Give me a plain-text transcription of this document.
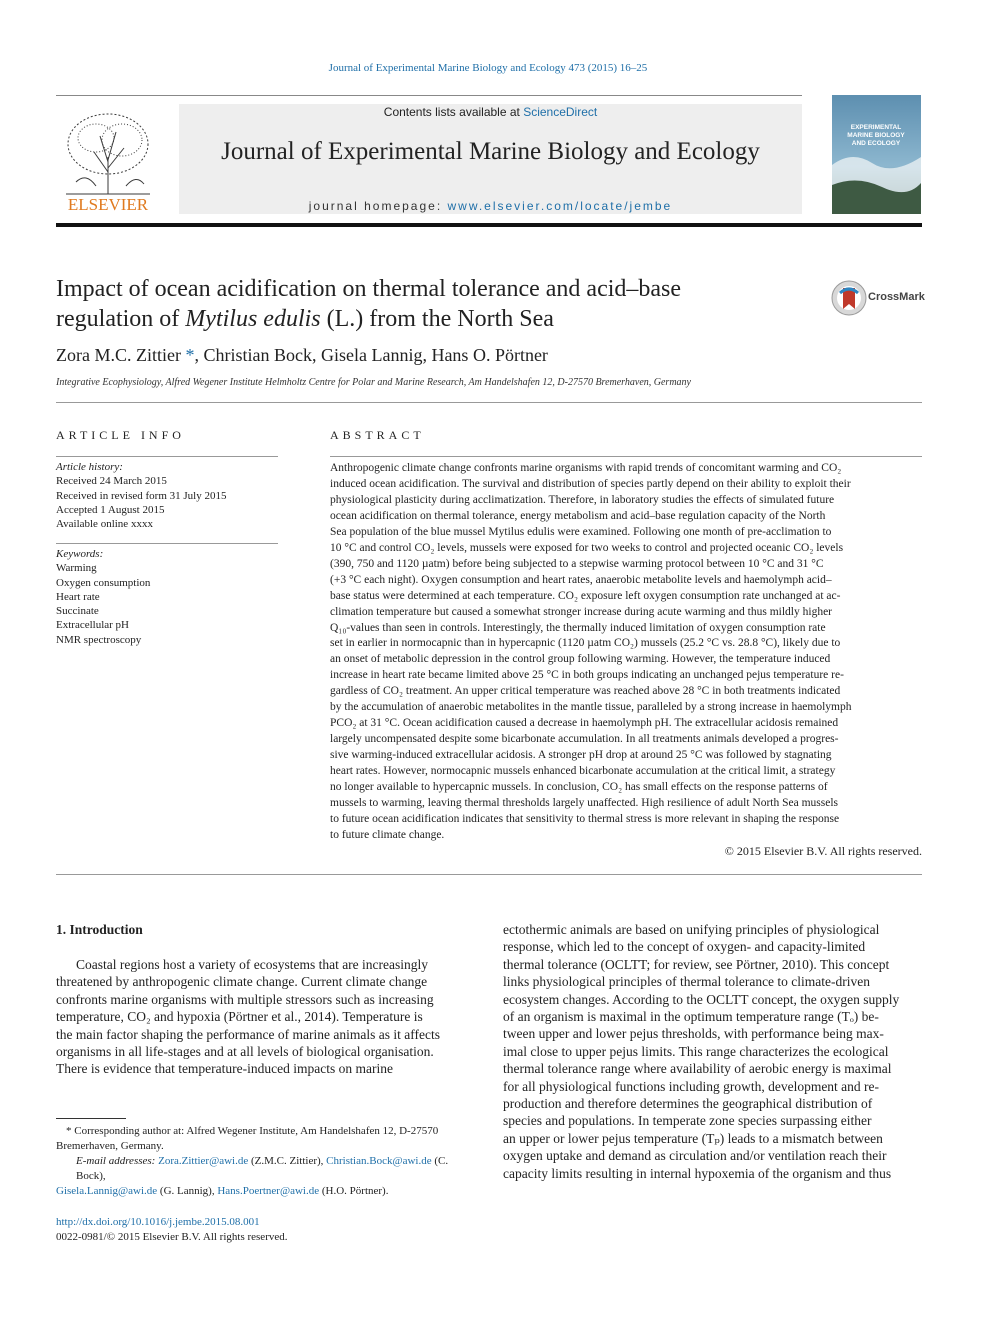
Journal of Experimental Marine Biology and Ecology 473 (2015) 16–25
ELSEVIER
Contents lists available at ScienceDirect
Journal of Experimental Marine Biology and Ecology
journal homepage: www.elsevier.com/locate/jembe
EXPERIMENTAL
MARINE BIOLOGY
AND ECOLOGY
Impact of ocean acidification on thermal tolerance and acid–base
regulation of Mytilus edulis (L.) from the North Sea
CrossMark
Zora M.C. Zittier *, Christian Bock, Gisela Lannig, Hans O. Pörtner
Integrative Ecophysiology, Alfred Wegener Institute Helmholtz Centre for Polar and Marine Research, Am Handelshafen 12, D-27570 Bremerhaven, Germany
ARTICLE INFO
Article history:
Received 24 March 2015
Received in revised form 31 July 2015
Accepted 1 August 2015
Available online xxxx
Keywords:
Warming
Oxygen consumption
Heart rate
Succinate
Extracellular pH
NMR spectroscopy
ABSTRACT
Anthropogenic climate change confronts marine organisms with rapid trends of concomitant warming and CO₂
induced ocean acidification. The survival and distribution of species partly depend on their ability to exploit their
physiological plasticity during acclimatization. Therefore, in laboratory studies the effects of simulated future
ocean acidification on thermal tolerance, energy metabolism and acid–base regulation capacity of the North
Sea population of the blue mussel Mytilus edulis were examined. Following one month of pre-acclimation to
10 °C and control CO₂ levels, mussels were exposed for two weeks to control and projected oceanic CO₂ levels
(390, 750 and 1120 µatm) before being subjected to a stepwise warming protocol between 10 °C and 31 °C
(+3 °C each night). Oxygen consumption and heart rates, anaerobic metabolite levels and haemolymph acid–
base status were determined at each temperature. CO₂ exposure left oxygen consumption rate unchanged at ac-
climation temperature but caused a somewhat stronger increase during acute warming and thus mildly higher
Q₁₀-values than seen in controls. Interestingly, the thermally induced limitation of oxygen consumption rate
set in earlier in normocapnic than in hypercapnic (1120 µatm CO₂) mussels (25.2 °C vs. 28.8 °C), likely due to
an onset of metabolic depression in the control group following warming. However, the temperature induced
increase in heart rate became limited above 25 °C in both groups indicating an unchanged pejus temperature re-
gardless of CO₂ treatment. An upper critical temperature was reached above 28 °C in both treatments indicated
by the accumulation of anaerobic metabolites in the mantle tissue, paralleled by a strong increase in haemolymph
PCO₂ at 31 °C. Ocean acidification caused a decrease in haemolymph pH. The extracellular acidosis remained
largely uncompensated despite some bicarbonate accumulation. In all treatments animals developed a progres-
sive warming-induced extracellular acidosis. A stronger pH drop at around 25 °C was followed by stagnating
heart rates. However, normocapnic mussels enhanced bicarbonate accumulation at the critical limit, a strategy
no longer available to hypercapnic mussels. In conclusion, CO₂ has small effects on the response patterns of
mussels to warming, leaving thermal thresholds largely unaffected. High resilience of adult North Sea mussels
to future ocean acidification indicates that sensitivity to thermal stress is more relevant in shaping the response
to future climate change.
© 2015 Elsevier B.V. All rights reserved.
1. Introduction
Coastal regions host a variety of ecosystems that are increasingly
threatened by anthropogenic climate change. Current climate change
confronts marine organisms with multiple stressors such as increasing
temperature, CO₂ and hypoxia (Pörtner et al., 2014). Temperature is
the main factor shaping the performance of marine animals as it affects
organisms in all life-stages and at all levels of biological organisation.
There is evidence that temperature-induced impacts on marine
ectothermic animals are based on unifying principles of physiological
response, which led to the concept of oxygen- and capacity-limited
thermal tolerance (OCLTT; for review, see Pörtner, 2010). This concept
links physiological principles of thermal tolerance to climate-driven
ecosystem changes. According to the OCLTT concept, the oxygen supply
of an organism is maximal in the optimum temperature range (Tₒ) be-
tween upper and lower pejus thresholds, with performance being max-
imal close to upper pejus limits. This range characterizes the ecological
thermal tolerance range where availability of aerobic energy is maximal
for all physiological functions including growth, development and re-
production and therefore determines the geographical distribution of
species and populations. In temperate zone species surpassing either
an upper or lower pejus temperature (Tₚ) leads to a mismatch between
oxygen uptake and demand as circulation and/or ventilation reach their
capacity limits resulting in internal hypoxemia of the organism and thus
* Corresponding author at: Alfred Wegener Institute, Am Handelshafen 12, D-27570
Bremerhaven, Germany.
E-mail addresses: Zora.Zittier@awi.de (Z.M.C. Zittier), Christian.Bock@awi.de (C. Bock),
Gisela.Lannig@awi.de (G. Lannig), Hans.Poertner@awi.de (H.O. Pörtner).
http://dx.doi.org/10.1016/j.jembe.2015.08.001
0022-0981/© 2015 Elsevier B.V. All rights reserved.
